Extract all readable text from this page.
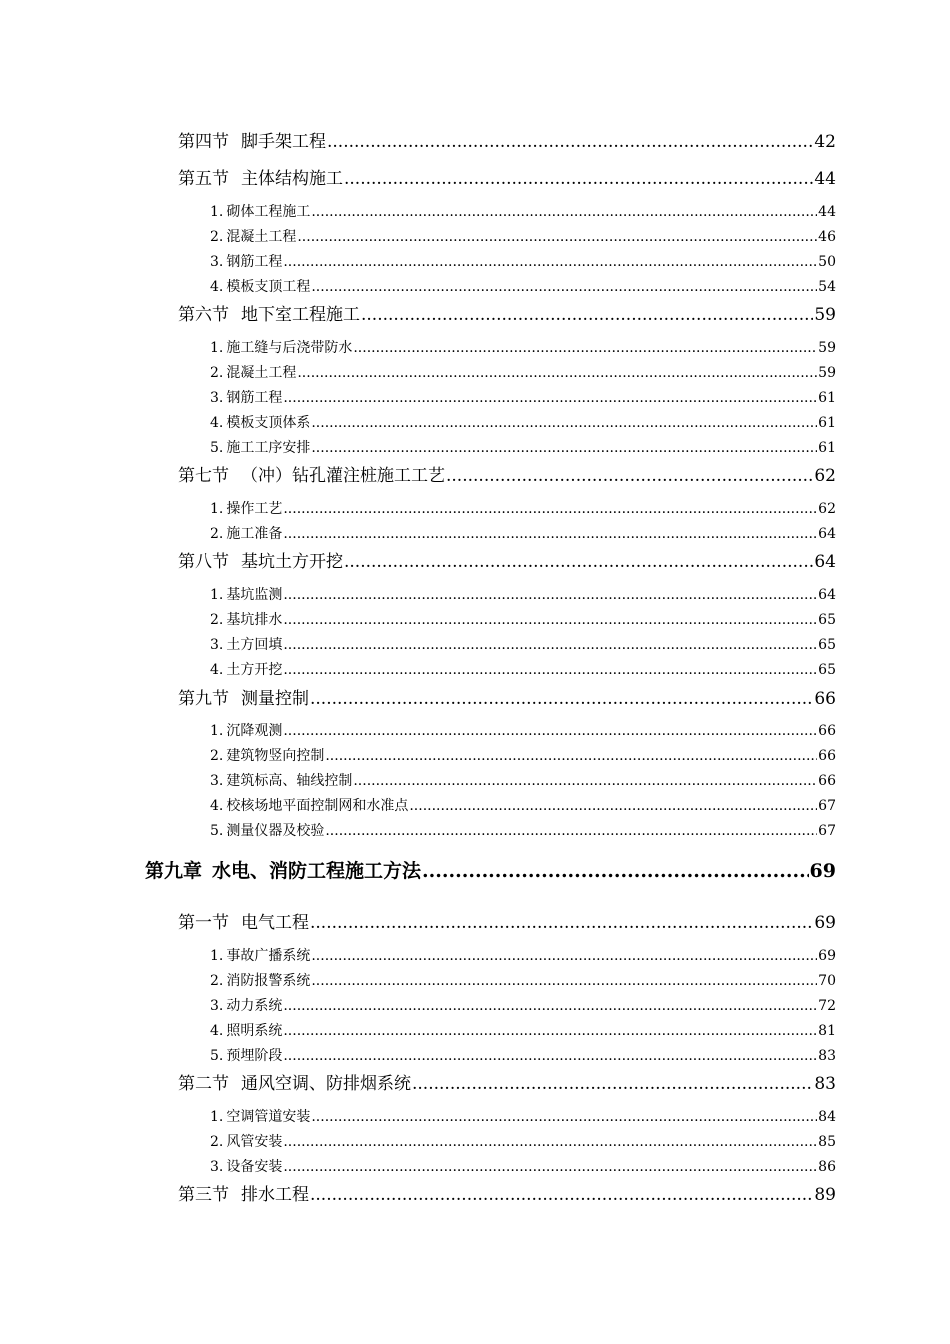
第四节 脚手架工程 .....	42
第五节 主体结构施工 .....	44
1. 砌体工程施工 .....	44
2. 混凝土工程 .....	46
3. 钢筋工程 .....	50
4. 模板支顶工程 .....	54
第六节 地下室工程施工 .....	59
1. 施工缝与后浇带防水 .....	59
2. 混凝土工程 .....	59
3. 钢筋工程 .....	61
4. 模板支顶体系 .....	61
5. 施工工序安排 .....	61
第七节 （冲）钻孔灌注桩施工工艺 .....	62
1. 操作工艺 .....	62
2. 施工准备 .....	64
第八节 基坑土方开挖 .....	64
1. 基坑监测 .....	64
2. 基坑排水 .....	65
3. 土方回填 .....	65
4. 土方开挖 .....	65
第九节 测量控制 .....	66
1. 沉降观测 .....	66
2. 建筑物竖向控制 .....	66
3. 建筑标高、轴线控制 .....	66
4. 校核场地平面控制网和水准点 .....	67
5. 测量仪器及校验 .....	67
第九章 水电、消防工程施工方法 .....	69
第一节 电气工程 .....	69
1. 事故广播系统 .....	69
2. 消防报警系统 .....	70
3. 动力系统 .....	72
4. 照明系统 .....	81
5. 预埋阶段 .....	83
第二节 通风空调、防排烟系统 .....	83
1. 空调管道安装 .....	84
2. 风管安装 .....	85
3. 设备安装 .....	86
第三节 排水工程 .....	89
